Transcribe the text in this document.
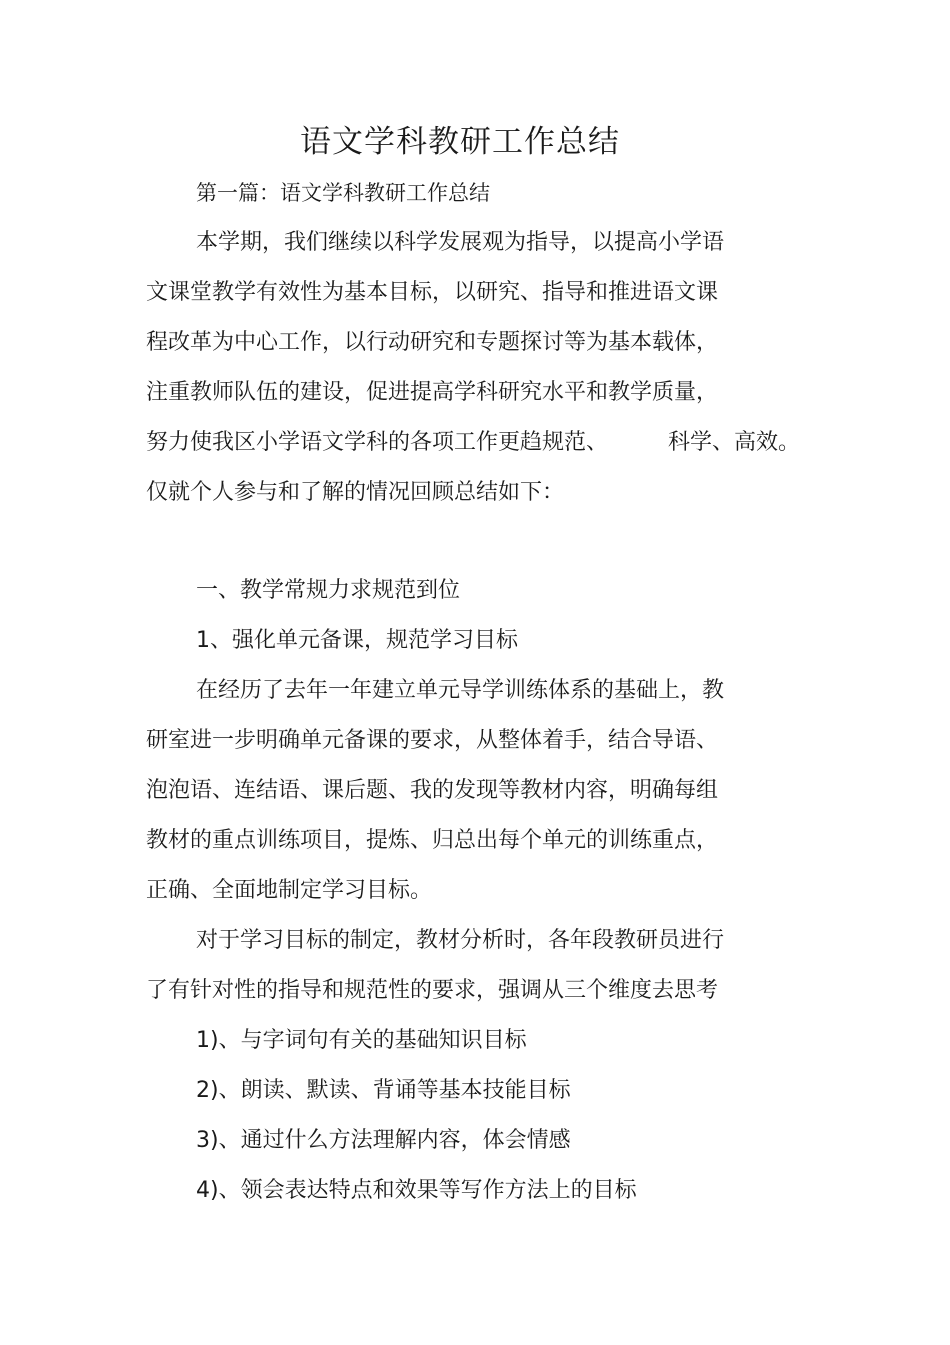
语文学科教研工作总结
第一篇：语文学科教研工作总结
本学期，我们继续以科学发展观为指导，以提高小学语
文课堂教学有效性为基本目标，以研究、指导和推进语文课
程改革为中心工作，以行动研究和专题探讨等为基本载体，
注重教师队伍的建设，促进提高学科研究水平和教学质量，
努力使我区小学语文学科的各项工作更趋规范、	科学、高效。
仅就个人参与和了解的情况回顾总结如下：
一、教学常规力求规范到位
1、强化单元备课，规范学习目标
在经历了去年一年建立单元导学训练体系的基础上，教
研室进一步明确单元备课的要求，从整体着手，结合导语、
泡泡语、连结语、课后题、我的发现等教材内容，明确每组
教材的重点训练项目，提炼、归总出每个单元的训练重点，
正确、全面地制定学习目标。
对于学习目标的制定，教材分析时，各年段教研员进行
了有针对性的指导和规范性的要求，强调从三个维度去思考
1)、与字词句有关的基础知识目标
2)、朗读、默读、背诵等基本技能目标
3)、通过什么方法理解内容，体会情感
4)、领会表达特点和效果等写作方法上的目标
